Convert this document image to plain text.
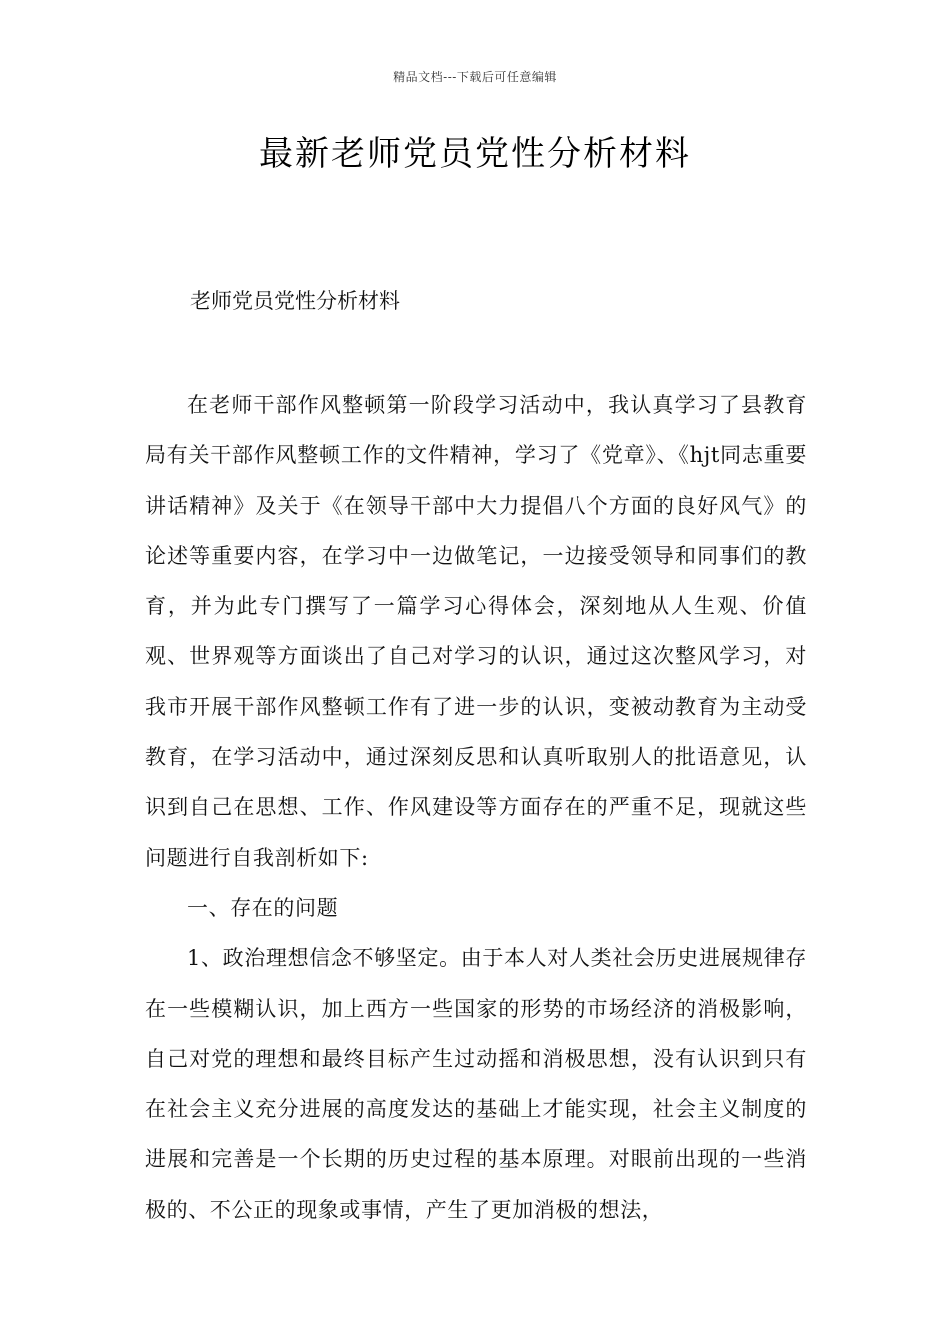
精品文档---下载后可任意编辑
最新老师党员党性分析材料

老师党员党性分析材料

在老师干部作风整顿第一阶段学习活动中，我认真学习了县教育局有关干部作风整顿工作的文件精神，学习了《党章》、《hjt同志重要讲话精神》及关于《在领导干部中大力提倡八个方面的良好风气》的论述等重要内容，在学习中一边做笔记，一边接受领导和同事们的教育，并为此专门撰写了一篇学习心得体会，深刻地从人生观、价值观、世界观等方面谈出了自己对学习的认识，通过这次整风学习，对我市开展干部作风整顿工作有了进一步的认识，变被动教育为主动受教育，在学习活动中，通过深刻反思和认真听取别人的批语意见，认识到自己在思想、工作、作风建设等方面存在的严重不足，现就这些问题进行自我剖析如下:

一、存在的问题

1、政治理想信念不够坚定。由于本人对人类社会历史进展规律存在一些模糊认识，加上西方一些国家的形势的市场经济的消极影响，自己对党的理想和最终目标产生过动摇和消极思想，没有认识到只有在社会主义充分进展的高度发达的基础上才能实现，社会主义制度的进展和完善是一个长期的历史过程的基本原理。对眼前出现的一些消极的、不公正的现象或事情，产生了更加消极的想法，
